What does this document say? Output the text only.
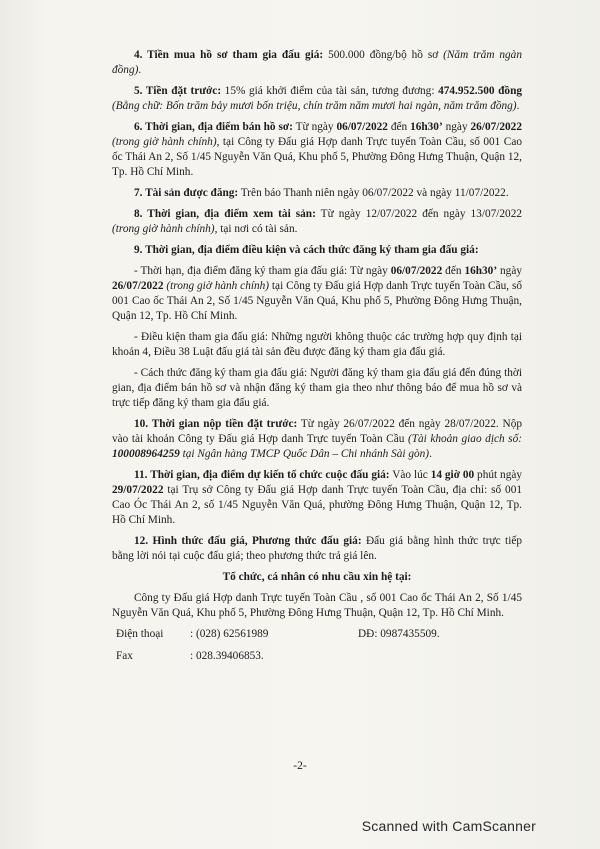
4. Tiền mua hồ sơ tham gia đấu giá: 500.000 đồng/bộ hồ sơ (Năm trăm ngàn đồng).

5. Tiền đặt trước: 15% giá khởi điểm của tài sản, tương đương: 474.952.500 đồng (Bằng chữ: Bốn trăm bảy mươi bốn triệu, chín trăm năm mươi hai ngàn, năm trăm đồng).

6. Thời gian, địa điểm bán hồ sơ: Từ ngày 06/07/2022 đến 16h30’ ngày 26/07/2022 (trong giờ hành chính), tại Công ty Đấu giá Hợp danh Trực tuyến Toàn Cầu, số 001 Cao ốc Thái An 2, Số 1/45 Nguyễn Văn Quá, Khu phố 5, Phường Đông Hưng Thuận, Quận 12, Tp. Hồ Chí Minh.

7. Tài sản được đăng: Trên báo Thanh niên ngày 06/07/2022 và ngày 11/07/2022.

8. Thời gian, địa điểm xem tài sản: Từ ngày 12/07/2022 đến ngày 13/07/2022 (trong giờ hành chính), tại nơi có tài sản.

9. Thời gian, địa điểm điều kiện và cách thức đăng ký tham gia đấu giá:

- Thời hạn, địa điểm đăng ký tham gia đấu giá: Từ ngày 06/07/2022 đến 16h30’ ngày 26/07/2022 (trong giờ hành chính) tại Công ty Đấu giá Hợp danh Trực tuyến Toàn Cầu, số 001 Cao ốc Thái An 2, Số 1/45 Nguyễn Văn Quá, Khu phố 5, Phường Đông Hưng Thuận, Quận 12, Tp. Hồ Chí Minh.

- Điều kiện tham gia đấu giá: Những người không thuộc các trường hợp quy định tại khoản 4, Điều 38 Luật đấu giá tài sản đều được đăng ký tham gia đấu giá.

- Cách thức đăng ký tham gia đấu giá: Người đăng ký tham gia đấu giá đến đúng thời gian, địa điểm bán hồ sơ và nhận đăng ký tham gia theo như thông báo để mua hồ sơ và trực tiếp đăng ký tham gia đấu giá.

10. Thời gian nộp tiền đặt trước: Từ ngày 26/07/2022 đến ngày 28/07/2022. Nộp vào tài khoản Công ty Đấu giá Hợp danh Trực tuyến Toàn Cầu (Tài khoản giao dịch số: 100008964259 tại Ngân hàng TMCP Quốc Dân – Chi nhánh Sài gòn).

11. Thời gian, địa điểm dự kiến tổ chức cuộc đấu giá: Vào lúc 14 giờ 00 phút ngày 29/07/2022 tại Trụ sở Công ty Đấu giá Hợp danh Trực tuyến Toàn Cầu, địa chỉ: số 001 Cao Óc Thái An 2, số 1/45 Nguyễn Văn Quá, phường Đông Hưng Thuận, Quận 12, Tp. Hồ Chí Minh.

12. Hình thức đấu giá, Phương thức đấu giá: Đấu giá bằng hình thức trực tiếp bằng lời nói tại cuộc đấu giá; theo phương thức trả giá lên.

Tổ chức, cá nhân có nhu cầu xin hệ tại:

Công ty Đấu giá Hợp danh Trực tuyến Toàn Cầu , số 001 Cao ốc Thái An 2, Số 1/45 Nguyễn Văn Quá, Khu phố 5, Phường Đông Hưng Thuận, Quận 12, Tp. Hồ Chí Minh.

Điện thoại : (028) 62561989	DĐ: 0987435509.
Fax	: 028.39406853.
-2-
Scanned with CamScanner
